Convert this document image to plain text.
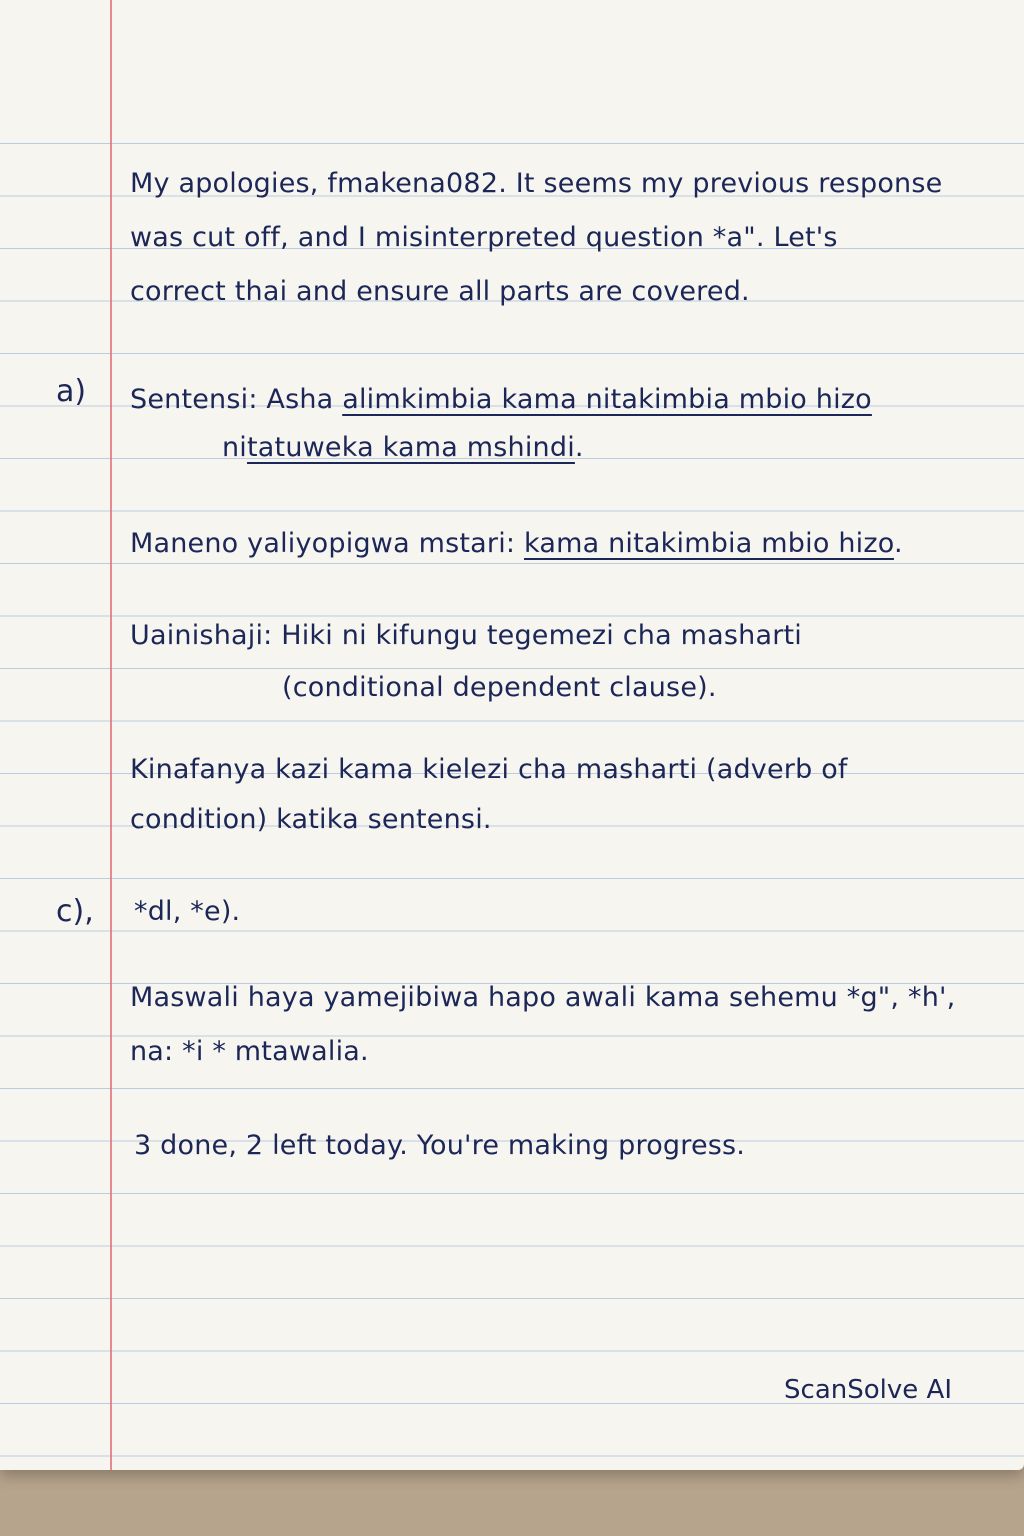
My apologies, fmakena082. It seems my previous response
was cut off, and I misinterpreted question *a". Let's
correct thai and ensure all parts are covered.
a) Sentensi: Asha alimkimbia kama nitakimbia mbio hizo
nitatuweka kama mshindi.
Maneno yaliyopigwa mstari: kama nitakimbia mbio hizo.
Uainishaji: Hiki ni kifungu tegemezi cha masharti
(conditional dependent clause).
Kinafanya kazi kama kielezi cha masharti (adverb of
condition) katika sentensi.
c), *dl, *e).
Maswali haya yamejibiwa hapo awali kama sehemu *g", *h',
na: *i * mtawalia.
3 done, 2 left today. You're making progress.
ScanSolve AI
